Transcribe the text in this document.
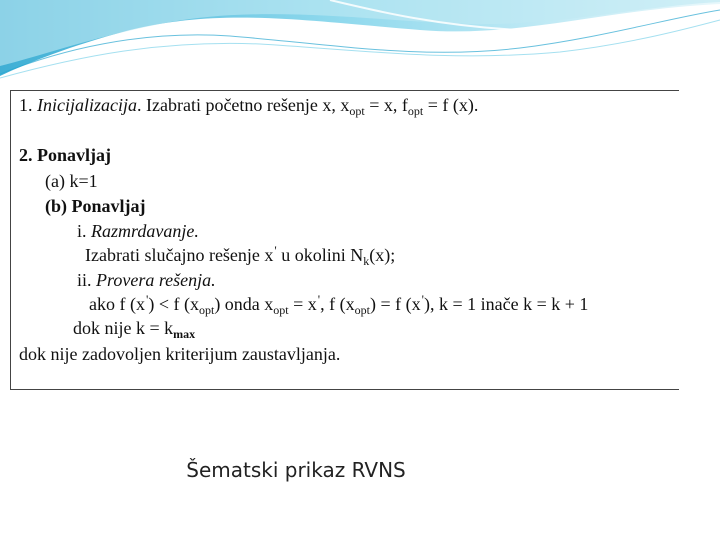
1. Inicijalizacija. Izabrati početno rešenje x, $x_{opt} = x$, $f_{opt} = f$ (x).
2. Ponavljaj
(a) k=1
(b) Ponavljaj
i. Razmrdavanje.
Izabrati slučajno rešenje x' u okolini $N_k(x)$;
ii. Provera rešenja.
ako f (x') < f $(x_{opt})$ onda $x_{opt} = x'$, f $(x_{opt}) = f$ (x'), k = 1 inače k = k + 1
dok nije $k = k_{max}$
dok nije zadovoljen kriterijum zaustavljanja.
Šematski prikaz RVNS
